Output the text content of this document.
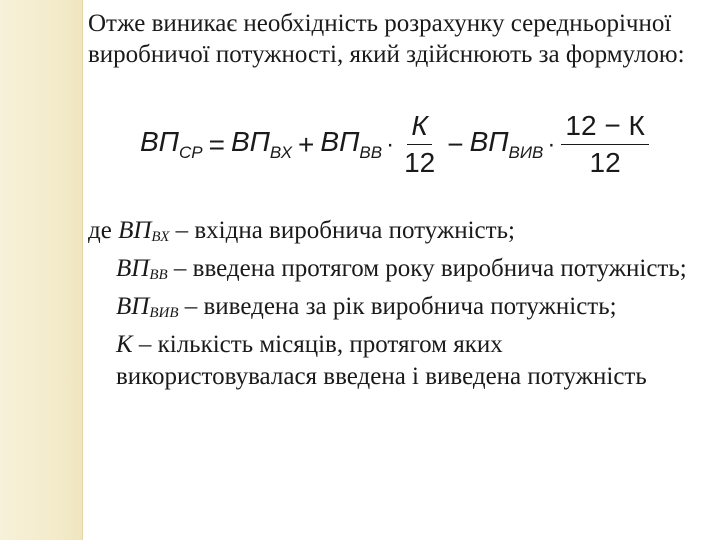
Отже виникає необхідність розрахунку середньорічної виробничої потужності, який здійснюють за формулою:

$ВП_{СР} = ВП_{ВХ} + ВП_{ВВ} \cdot \frac{К}{12} - ВП_{ВИВ} \cdot \frac{12 - К}{12}$

де $ВП_{ВХ}$ – вхідна виробнича потужність;

$ВП_{ВВ}$ – введена протягом року виробнича потужність;

$ВП_{ВИВ}$ – виведена за рік виробнича потужність;

К – кількість місяців, протягом яких використовувалася введена і виведена потужність
